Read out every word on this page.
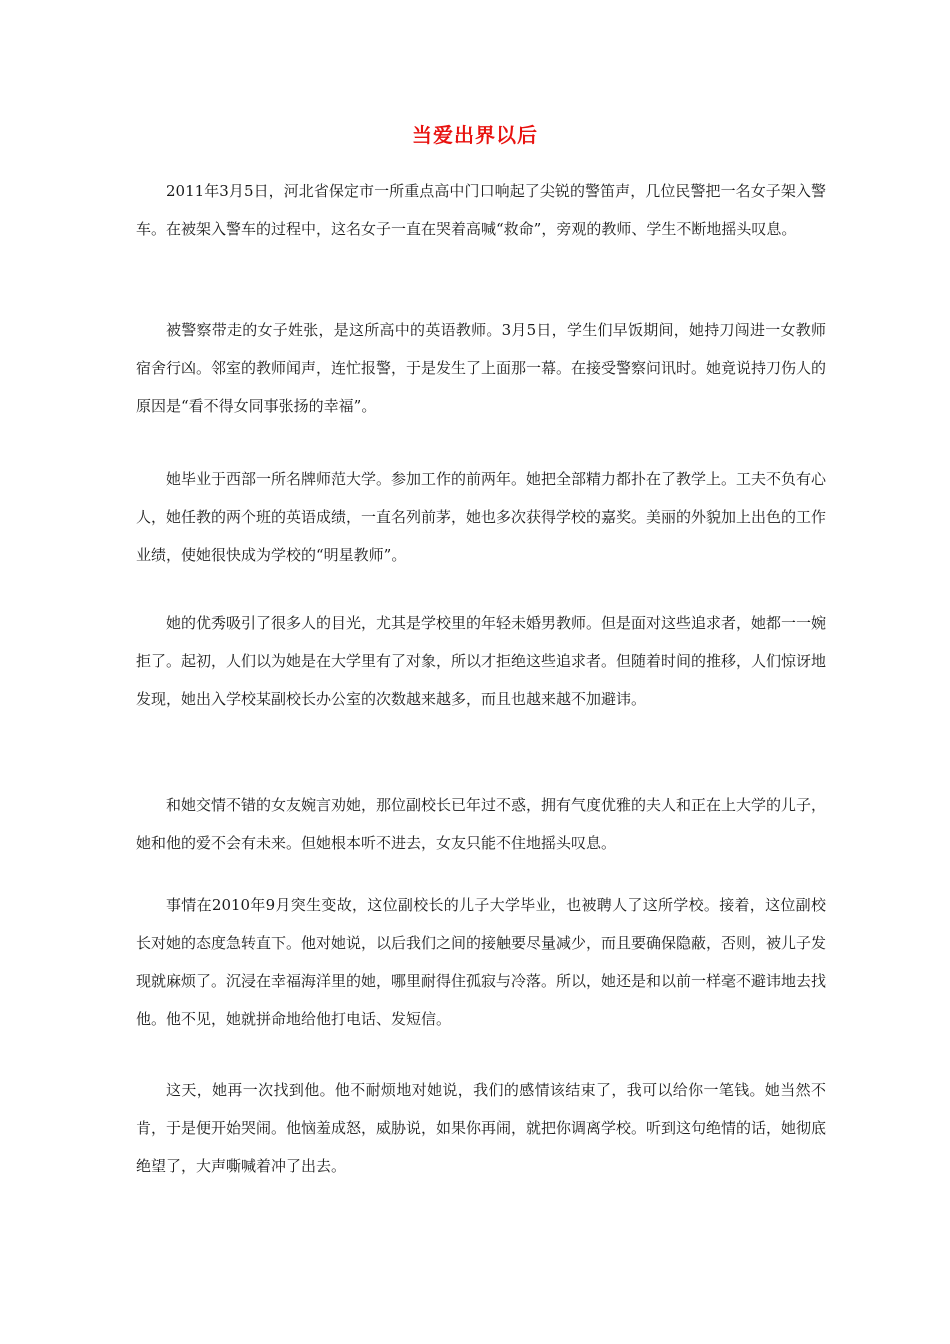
当爱出界以后

2011年3月5日，河北省保定市一所重点高中门口响起了尖锐的警笛声，几位民警把一名女子架入警车。在被架入警车的过程中，这名女子一直在哭着高喊“救命”，旁观的教师、学生不断地摇头叹息。

被警察带走的女子姓张，是这所高中的英语教师。3月5日，学生们早饭期间，她持刀闯进一女教师宿舍行凶。邻室的教师闻声，连忙报警，于是发生了上面那一幕。在接受警察问讯时。她竟说持刀伤人的原因是“看不得女同事张扬的幸福”。

她毕业于西部一所名牌师范大学。参加工作的前两年。她把全部精力都扑在了教学上。工夫不负有心人，她任教的两个班的英语成绩，一直名列前茅，她也多次获得学校的嘉奖。美丽的外貌加上出色的工作业绩，使她很快成为学校的“明星教师”。

她的优秀吸引了很多人的目光，尤其是学校里的年轻未婚男教师。但是面对这些追求者，她都一一婉拒了。起初，人们以为她是在大学里有了对象，所以才拒绝这些追求者。但随着时间的推移，人们惊讶地发现，她出入学校某副校长办公室的次数越来越多，而且也越来越不加避讳。

和她交情不错的女友婉言劝她，那位副校长已年过不惑，拥有气度优雅的夫人和正在上大学的儿子，她和他的爱不会有未来。但她根本听不进去，女友只能不住地摇头叹息。

事情在2010年9月突生变故，这位副校长的儿子大学毕业，也被聘人了这所学校。接着，这位副校长对她的态度急转直下。他对她说，以后我们之间的接触要尽量减少，而且要确保隐蔽，否则，被儿子发现就麻烦了。沉浸在幸福海洋里的她，哪里耐得住孤寂与冷落。所以，她还是和以前一样毫不避讳地去找他。他不见，她就拼命地给他打电话、发短信。

这天，她再一次找到他。他不耐烦地对她说，我们的感情该结束了，我可以给你一笔钱。她当然不肯，于是便开始哭闹。他恼羞成怒，威胁说，如果你再闹，就把你调离学校。听到这句绝情的话，她彻底绝望了，大声嘶喊着冲了出去。
